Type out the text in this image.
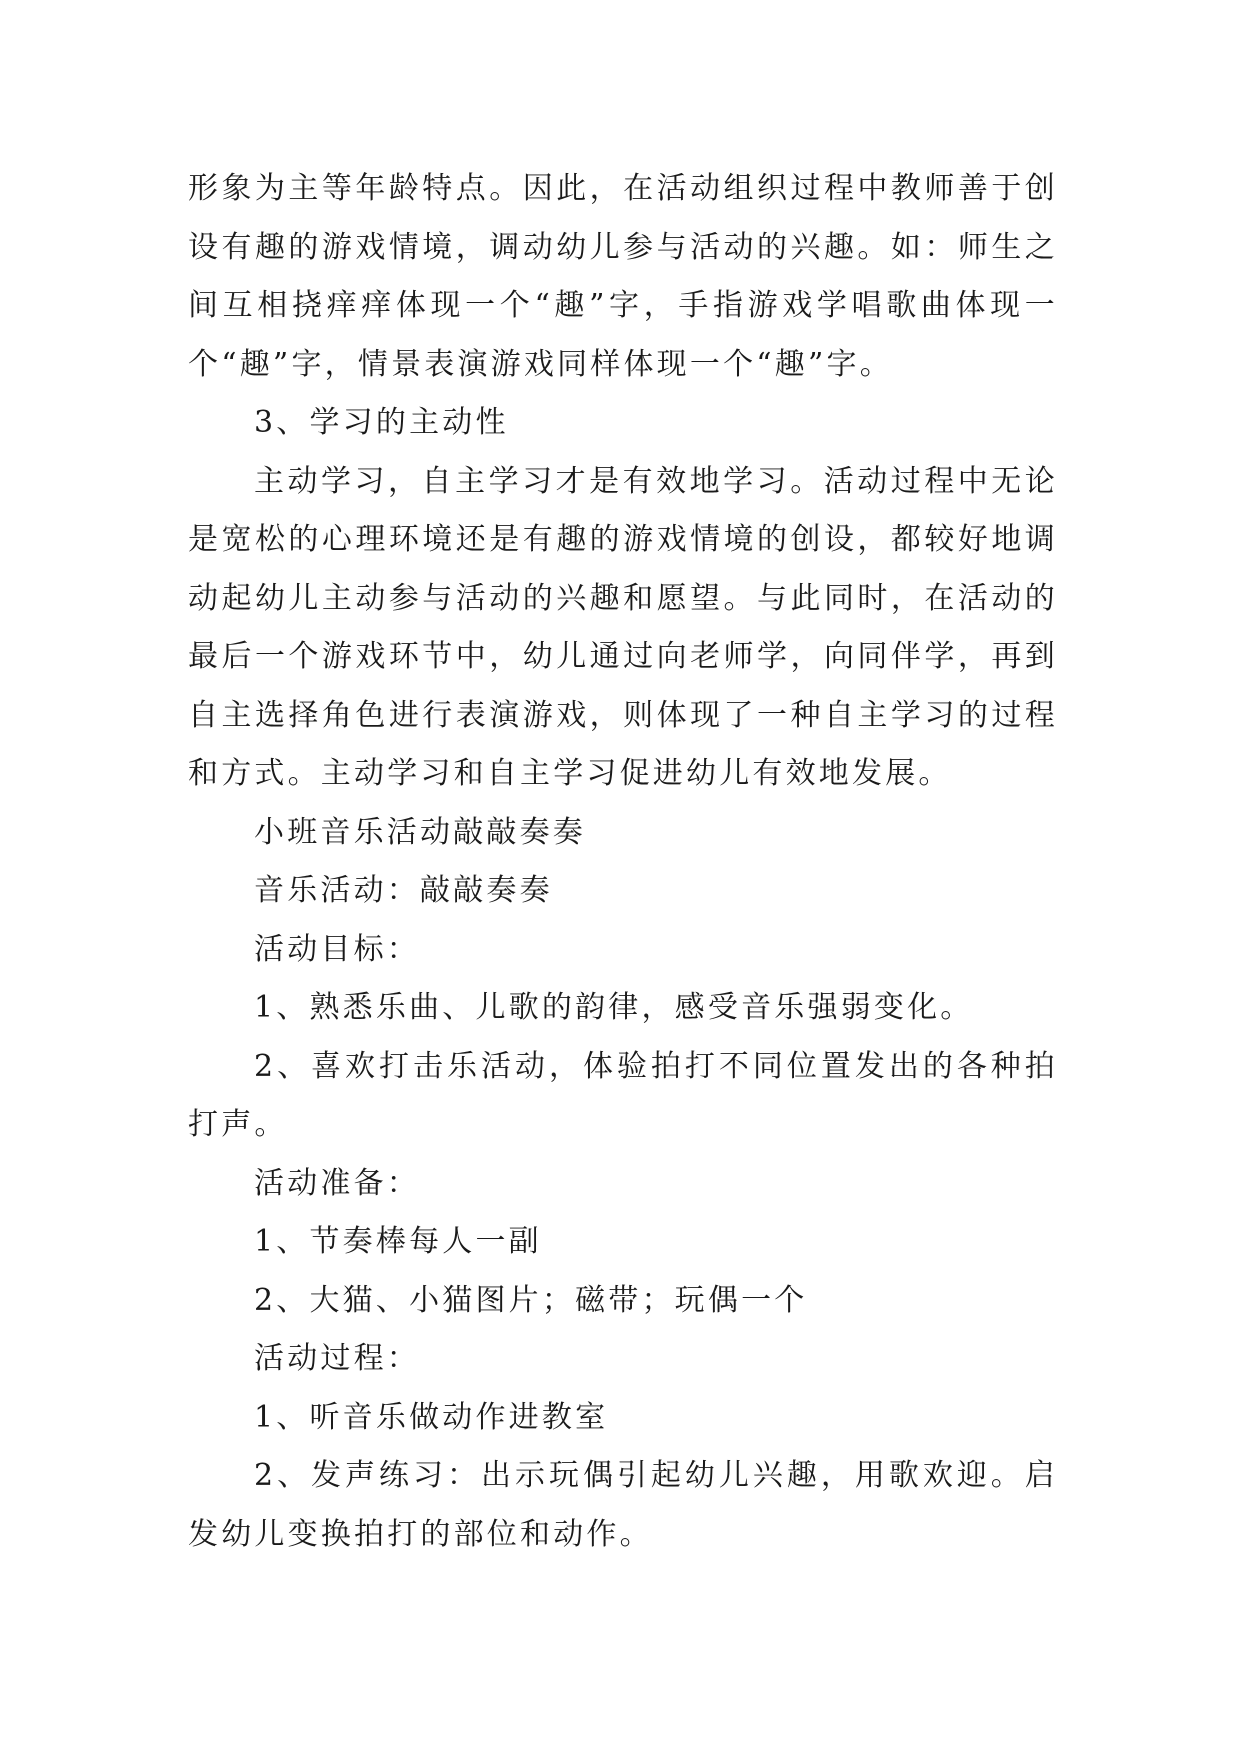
形象为主等年龄特点。因此，在活动组织过程中教师善于创设有趣的游戏情境，调动幼儿参与活动的兴趣。如：师生之间互相挠痒痒体现一个“趣”字，手指游戏学唱歌曲体现一个“趣”字，情景表演游戏同样体现一个“趣”字。

3、学习的主动性

主动学习，自主学习才是有效地学习。活动过程中无论是宽松的心理环境还是有趣的游戏情境的创设，都较好地调动起幼儿主动参与活动的兴趣和愿望。与此同时，在活动的最后一个游戏环节中，幼儿通过向老师学，向同伴学，再到自主选择角色进行表演游戏，则体现了一种自主学习的过程和方式。主动学习和自主学习促进幼儿有效地发展。

小班音乐活动敲敲奏奏

音乐活动：敲敲奏奏

活动目标：

1、熟悉乐曲、儿歌的韵律，感受音乐强弱变化。

2、喜欢打击乐活动，体验拍打不同位置发出的各种拍打声。

活动准备：

1、节奏棒每人一副

2、大猫、小猫图片；磁带；玩偶一个

活动过程：

1、听音乐做动作进教室

2、发声练习：出示玩偶引起幼儿兴趣，用歌欢迎。启发幼儿变换拍打的部位和动作。
